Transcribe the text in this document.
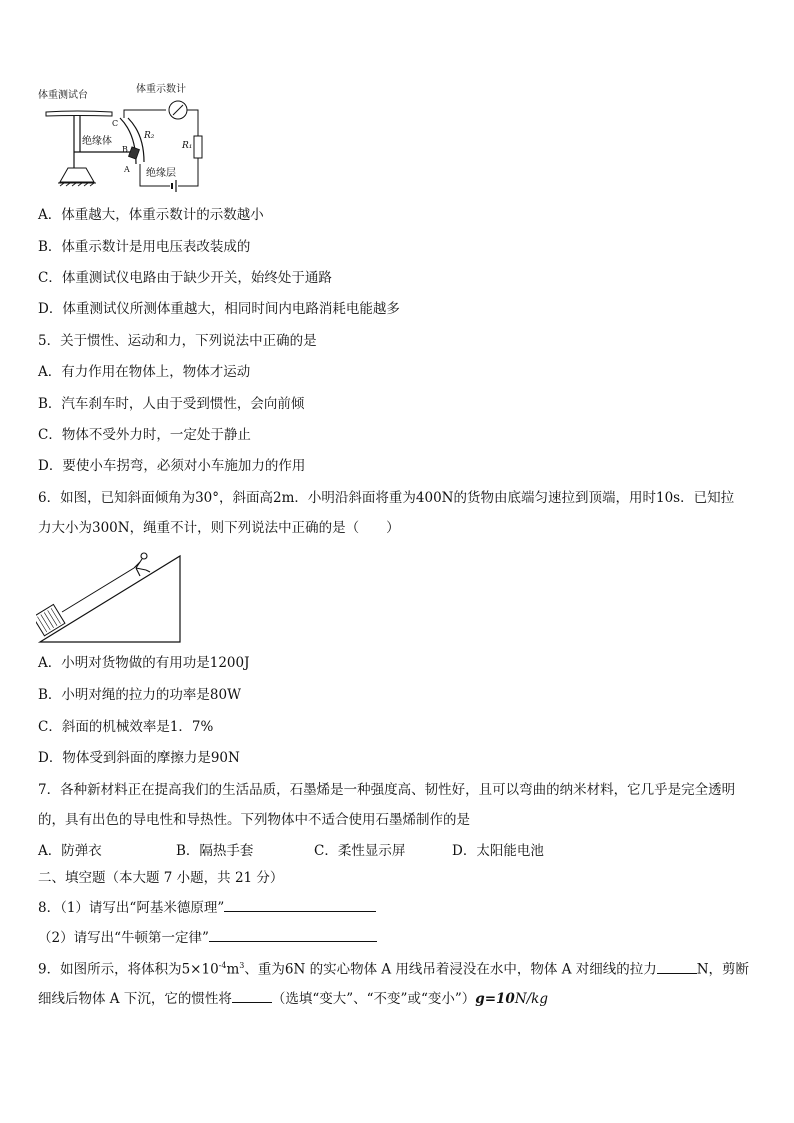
体重测试台
体重示数计
绝缘体	R₂
C
B
A 绝缘层
R₁
A．体重越大，体重示数计的示数越小
B．体重示数计是用电压表改装成的
C．体重测试仪电路由于缺少开关，始终处于通路
D．体重测试仪所测体重越大，相同时间内电路消耗电能越多
5．关于惯性、运动和力，下列说法中正确的是
A．有力作用在物体上，物体才运动
B．汽车刹车时，人由于受到惯性，会向前倾
C．物体不受外力时，一定处于静止
D．要使小车拐弯，必须对小车施加力的作用
6．如图，已知斜面倾角为30°，斜面高2m．小明沿斜面将重为400N的货物由底端匀速拉到顶端，用时10s．已知拉
力大小为300N，绳重不计，则下列说法中正确的是（　　）
A．小明对货物做的有用功是1200J
B．小明对绳的拉力的功率是80W
C．斜面的机械效率是1．7%
D．物体受到斜面的摩擦力是90N
7．各种新材料正在提高我们的生活品质，石墨烯是一种强度高、韧性好，且可以弯曲的纳米材料，它几乎是完全透明
的，具有出色的导电性和导热性。下列物体中不适合使用石墨烯制作的是
A．防弹衣	B．隔热手套	C．柔性显示屏	D．太阳能电池
二、填空题（本大题 7 小题，共 21 分）
8．（1）请写出“阿基米德原理”
（2）请写出“牛顿第一定律”
9．如图所示，将体积为$5\times 10^{-4}m^3$、重为6N 的实心物体 A 用线吊着浸没在水中，物体 A 对细线的拉力	N，剪断
细线后物体 A 下沉，它的惯性将	（选填“变大”、“不变”或“变小”）g=10N/kg
